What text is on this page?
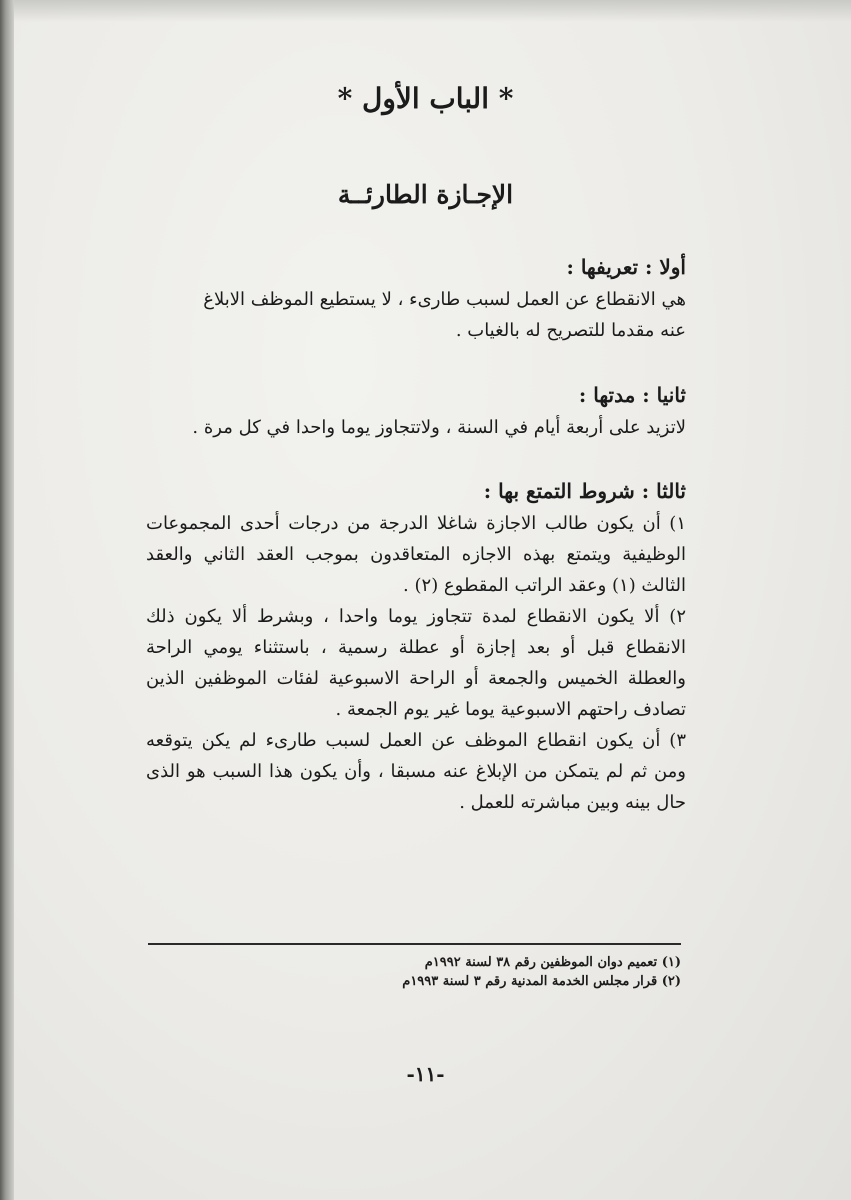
* الباب الأول *
الإجـازة الطارئــة

أولا : تعريفها :

هي الانقطاع عن العمل لسبب طارىء ، لا يستطيع الموظف الابلاغ

عنه مقدما للتصريح له بالغياب .

ثانيا : مدتها :

لاتزيد على أربعة أيام في السنة ، ولاتتجاوز يوما واحدا في كل مرة .

ثالثا : شروط التمتع بها :

١) أن يكون طالب الاجازة شاغلا الدرجة من درجات أحدى المجموعات الوظيفية ويتمتع بهذه الاجازه المتعاقدون بموجب العقد الثاني والعقد الثالث (١) وعقد الراتب المقطوع (٢) .

٢) ألا يكون الانقطاع لمدة تتجاوز يوما واحدا ، وبشرط ألا يكون ذلك الانقطاع قبل أو بعد إجازة أو عطلة رسمية ، باستثناء يومي الراحة والعطلة الخميس والجمعة أو الراحة الاسبوعية لفئات الموظفين الذين تصادف راحتهم الاسبوعية يوما غير يوم الجمعة .

٣) أن يكون انقطاع الموظف عن العمل لسبب طارىء لم يكن يتوقعه ومن ثم لم يتمكن من الإبلاغ عنه مسبقا ، وأن يكون هذا السبب هو الذى حال بينه وبين مباشرته للعمل .

(١) تعميم دوان الموظفين رقم ٣٨ لسنة ١٩٩٢م

(٢) قرار مجلس الخدمة المدنية رقم ٣ لسنة ١٩٩٣م

-١١-
